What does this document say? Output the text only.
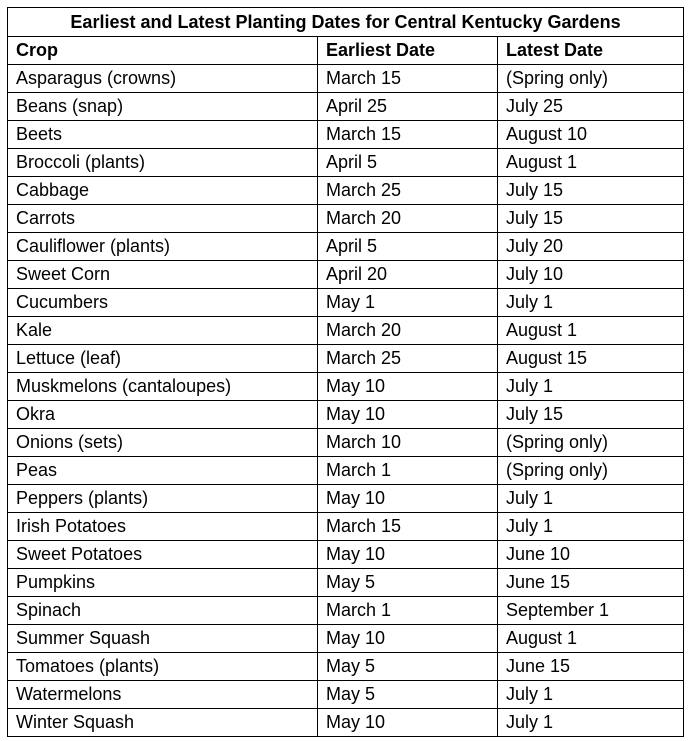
Earliest and Latest Planting Dates for Central Kentucky Gardens		
Crop	Earliest Date	Latest Date
Asparagus (crowns)	March 15	(Spring only)
Beans (snap)	April 25	July 25
Beets	March 15	August 10
Broccoli (plants)	April 5	August 1
Cabbage	March 25	July 15
Carrots	March 20	July 15
Cauliflower (plants)	April 5	July 20
Sweet Corn	April 20	July 10
Cucumbers	May 1	July 1
Kale	March 20	August 1
Lettuce (leaf)	March 25	August 15
Muskmelons (cantaloupes)	May 10	July 1
Okra	May 10	July 15
Onions (sets)	March 10	(Spring only)
Peas	March 1	(Spring only)
Peppers (plants)	May 10	July 1
Irish Potatoes	March 15	July 1
Sweet Potatoes	May 10	June 10
Pumpkins	May 5	June 15
Spinach	March 1	September 1
Summer Squash	May 10	August 1
Tomatoes (plants)	May 5	June 15
Watermelons	May 5	July 1
Winter Squash	May 10	July 1
